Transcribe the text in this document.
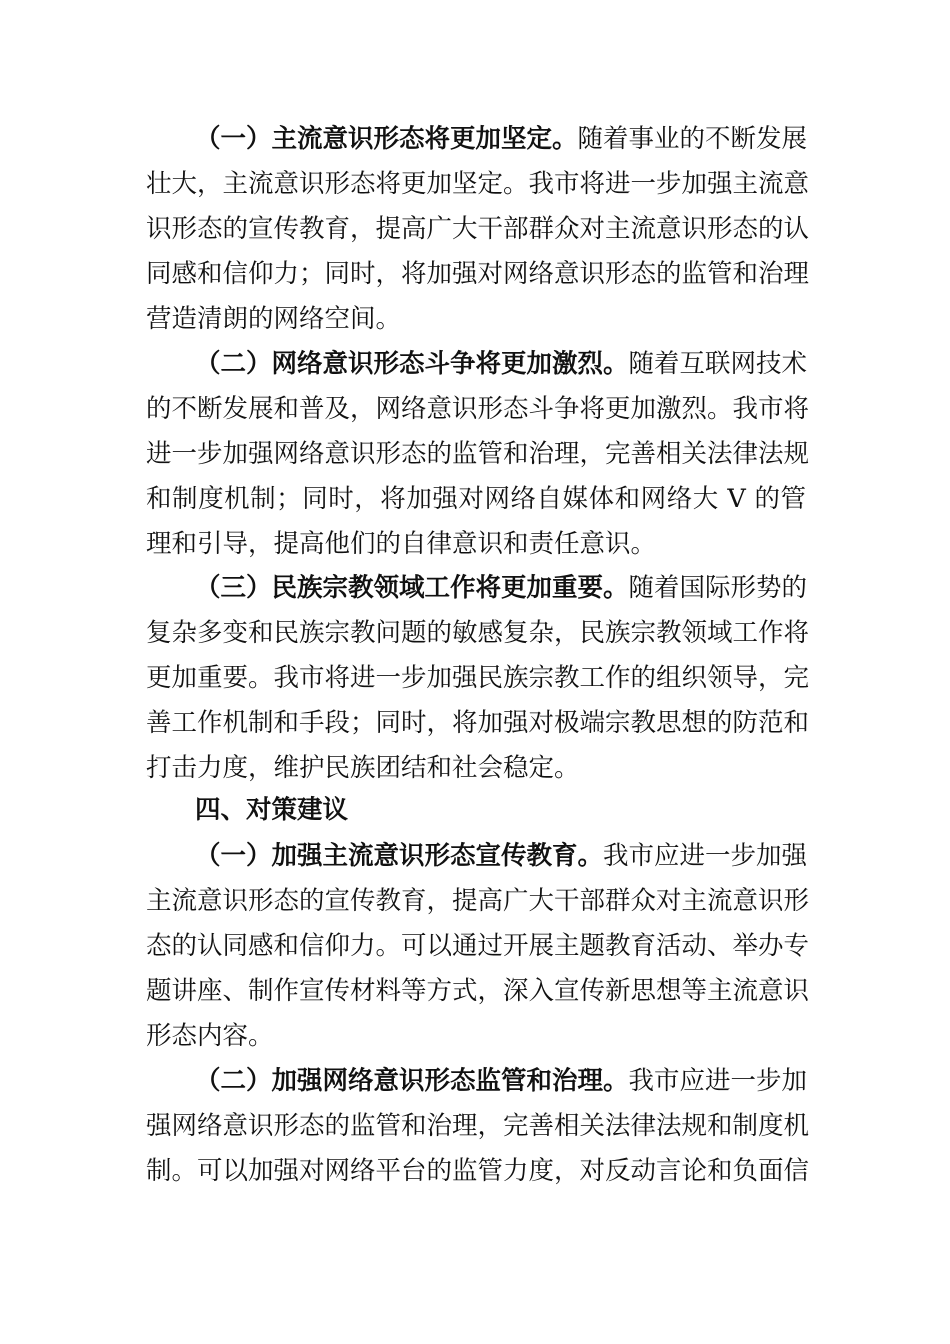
（一）主流意识形态将更加坚定。随着事业的不断发展
壮大，主流意识形态将更加坚定。我市将进一步加强主流意
识形态的宣传教育，提高广大干部群众对主流意识形态的认
同感和信仰力；同时，将加强对网络意识形态的监管和治理
营造清朗的网络空间。
（二）网络意识形态斗争将更加激烈。随着互联网技术
的不断发展和普及，网络意识形态斗争将更加激烈。我市将
进一步加强网络意识形态的监管和治理，完善相关法律法规
和制度机制；同时，将加强对网络自媒体和网络大 V 的管
理和引导，提高他们的自律意识和责任意识。
（三）民族宗教领域工作将更加重要。随着国际形势的
复杂多变和民族宗教问题的敏感复杂，民族宗教领域工作将
更加重要。我市将进一步加强民族宗教工作的组织领导，完
善工作机制和手段；同时，将加强对极端宗教思想的防范和
打击力度，维护民族团结和社会稳定。
四、对策建议
（一）加强主流意识形态宣传教育。我市应进一步加强
主流意识形态的宣传教育，提高广大干部群众对主流意识形
态的认同感和信仰力。可以通过开展主题教育活动、举办专
题讲座、制作宣传材料等方式，深入宣传新思想等主流意识
形态内容。
（二）加强网络意识形态监管和治理。我市应进一步加
强网络意识形态的监管和治理，完善相关法律法规和制度机
制。可以加强对网络平台的监管力度，对反动言论和负面信
